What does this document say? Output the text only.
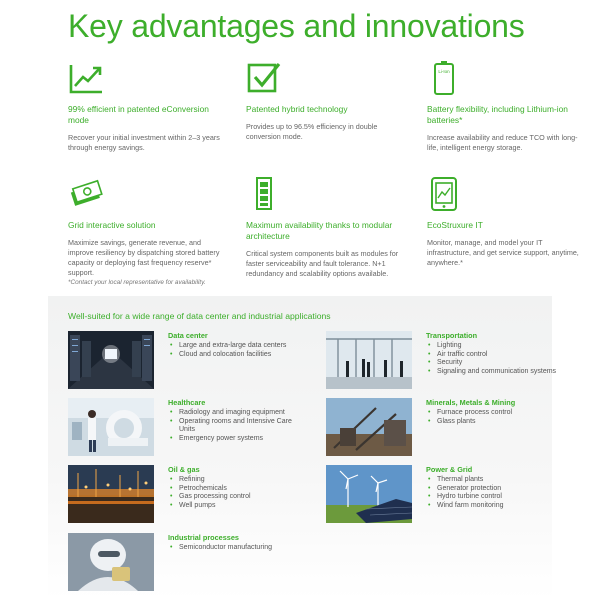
Key advantages and innovations
99% efficient in patented eConversion mode
Recover your initial investment within 2–3 years through energy savings.
Patented hybrid technology
Provides up to 96.5% efficiency in double conversion mode.
Li-Ion
Battery flexibility, including Lithium-ion batteries*
Increase availability and reduce TCO with long-life, intelligent energy storage.
Grid interactive solution
Maximize savings, generate revenue, and improve resiliency by dispatching stored battery capacity or deploying fast frequency reserve* support.
Maximum availability thanks to modular architecture
Critical system components built as modules for faster serviceability and fault tolerance. N+1 redundancy and scalability options available.
EcoStruxure IT
Monitor, manage, and model your IT infrastructure, and get service support, anytime, anywhere.*
*Contact your local representative for availability.
Well-suited for a wide range of data center and industrial applications
Data center
• Large and extra-large data centers
• Cloud and colocation facilities
Healthcare
• Radiology and imaging equipment
• Operating rooms and Intensive Care Units
• Emergency power systems
Oil & gas
• Refining
• Petrochemicals
• Gas processing control
• Well pumps
Industrial processes
• Semiconductor manufacturing
Transportation
• Lighting
• Air traffic control
• Security
• Signaling and communication systems
Minerals, Metals & Mining
• Furnace process control
• Glass plants
Power & Grid
• Thermal plants
• Generator protection
• Hydro turbine control
• Wind farm monitoring
